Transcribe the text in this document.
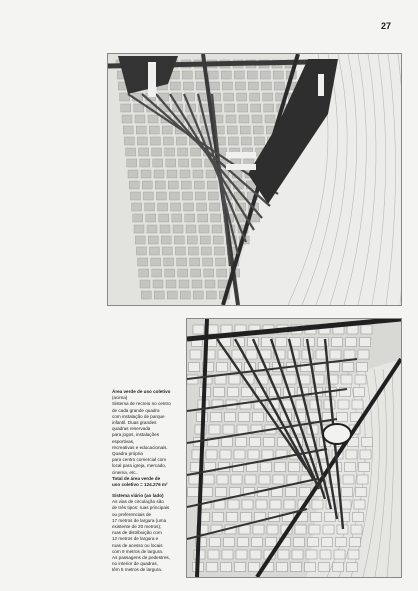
27

Área verde de uso coletivo

(acima)

Sistema de recreio no centro

de cada grande quadra

com instalação de parque

infantil. Duas grandes

quadras reservada

para jogos, instalações esportivas,

recreativas e educacionais.

Quadra própria

para centro comercial com

local para igreja, mercado,

cinema, etc..

Total de área verde de

uso coletivo = 124.276 m²

Sistema viário (ao lado)

As vias de circulação são

de três tipos: ruas principais

ou preferenciais de

17 metros de largura (uma

existente de 20 metros);

ruas de distribuição com

12 metros de largura e

ruas de acesso ou locais

com 9 metros de largura.

As passagens de pedestres,

no interior de quadras,

têm 5 metros de largura.
